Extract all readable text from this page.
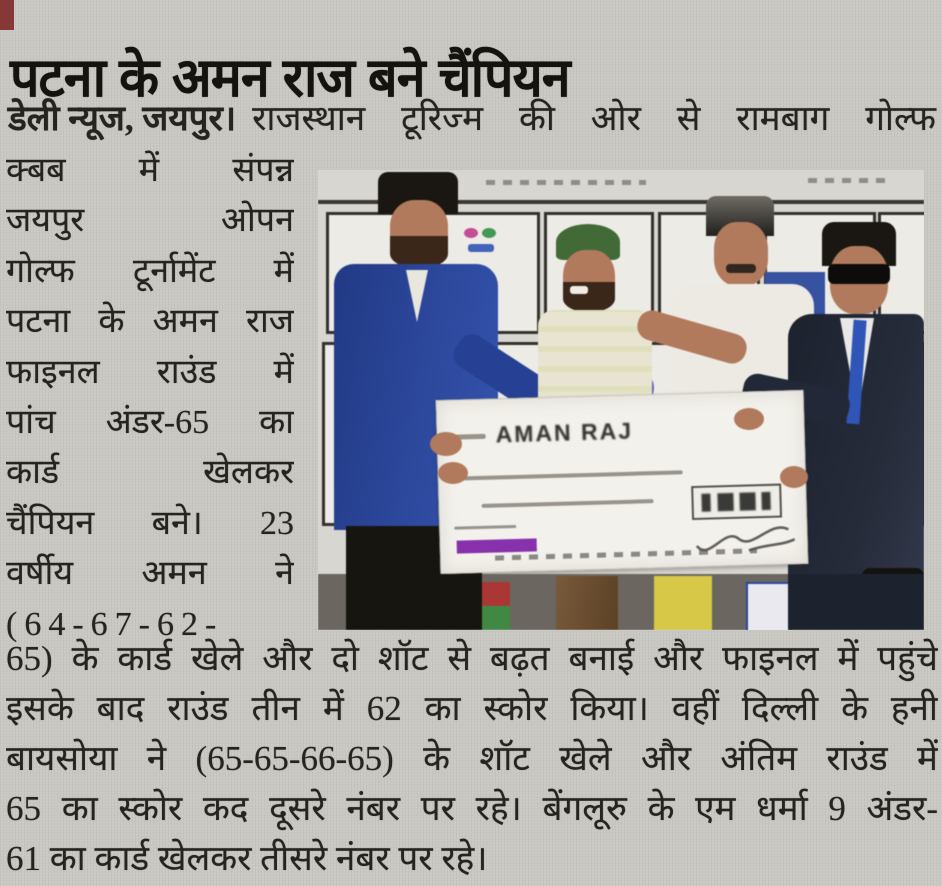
पटना के अमन राज बने चैंपियन
डेली न्यूज, जयपुर। राजस्थान टूरिज्म की ओर से रामबाग गोल्फ
क्बब में संपन्न
जयपुर ओपन
गोल्फ टूर्नामेंट में
पटना के अमन राज
फाइनल राउंड में
पांच अंडर-65 का
कार्ड खेलकर
चैंपियन बने। 23
वर्षीय अमन ने
(64-67-62-
AMAN RAJ
65) के कार्ड खेले और दो शॉट से बढ़त बनाई और फाइनल में पहुंचे
इसके बाद राउंड तीन में 62 का स्कोर किया। वहीं दिल्ली के हनी
बायसोया ने (65-65-66-65) के शॉट खेले और अंतिम राउंड में
65 का स्कोर कद दूसरे नंबर पर रहे। बेंगलूरु के एम धर्मा 9 अंडर-
61 का कार्ड खेलकर तीसरे नंबर पर रहे।
